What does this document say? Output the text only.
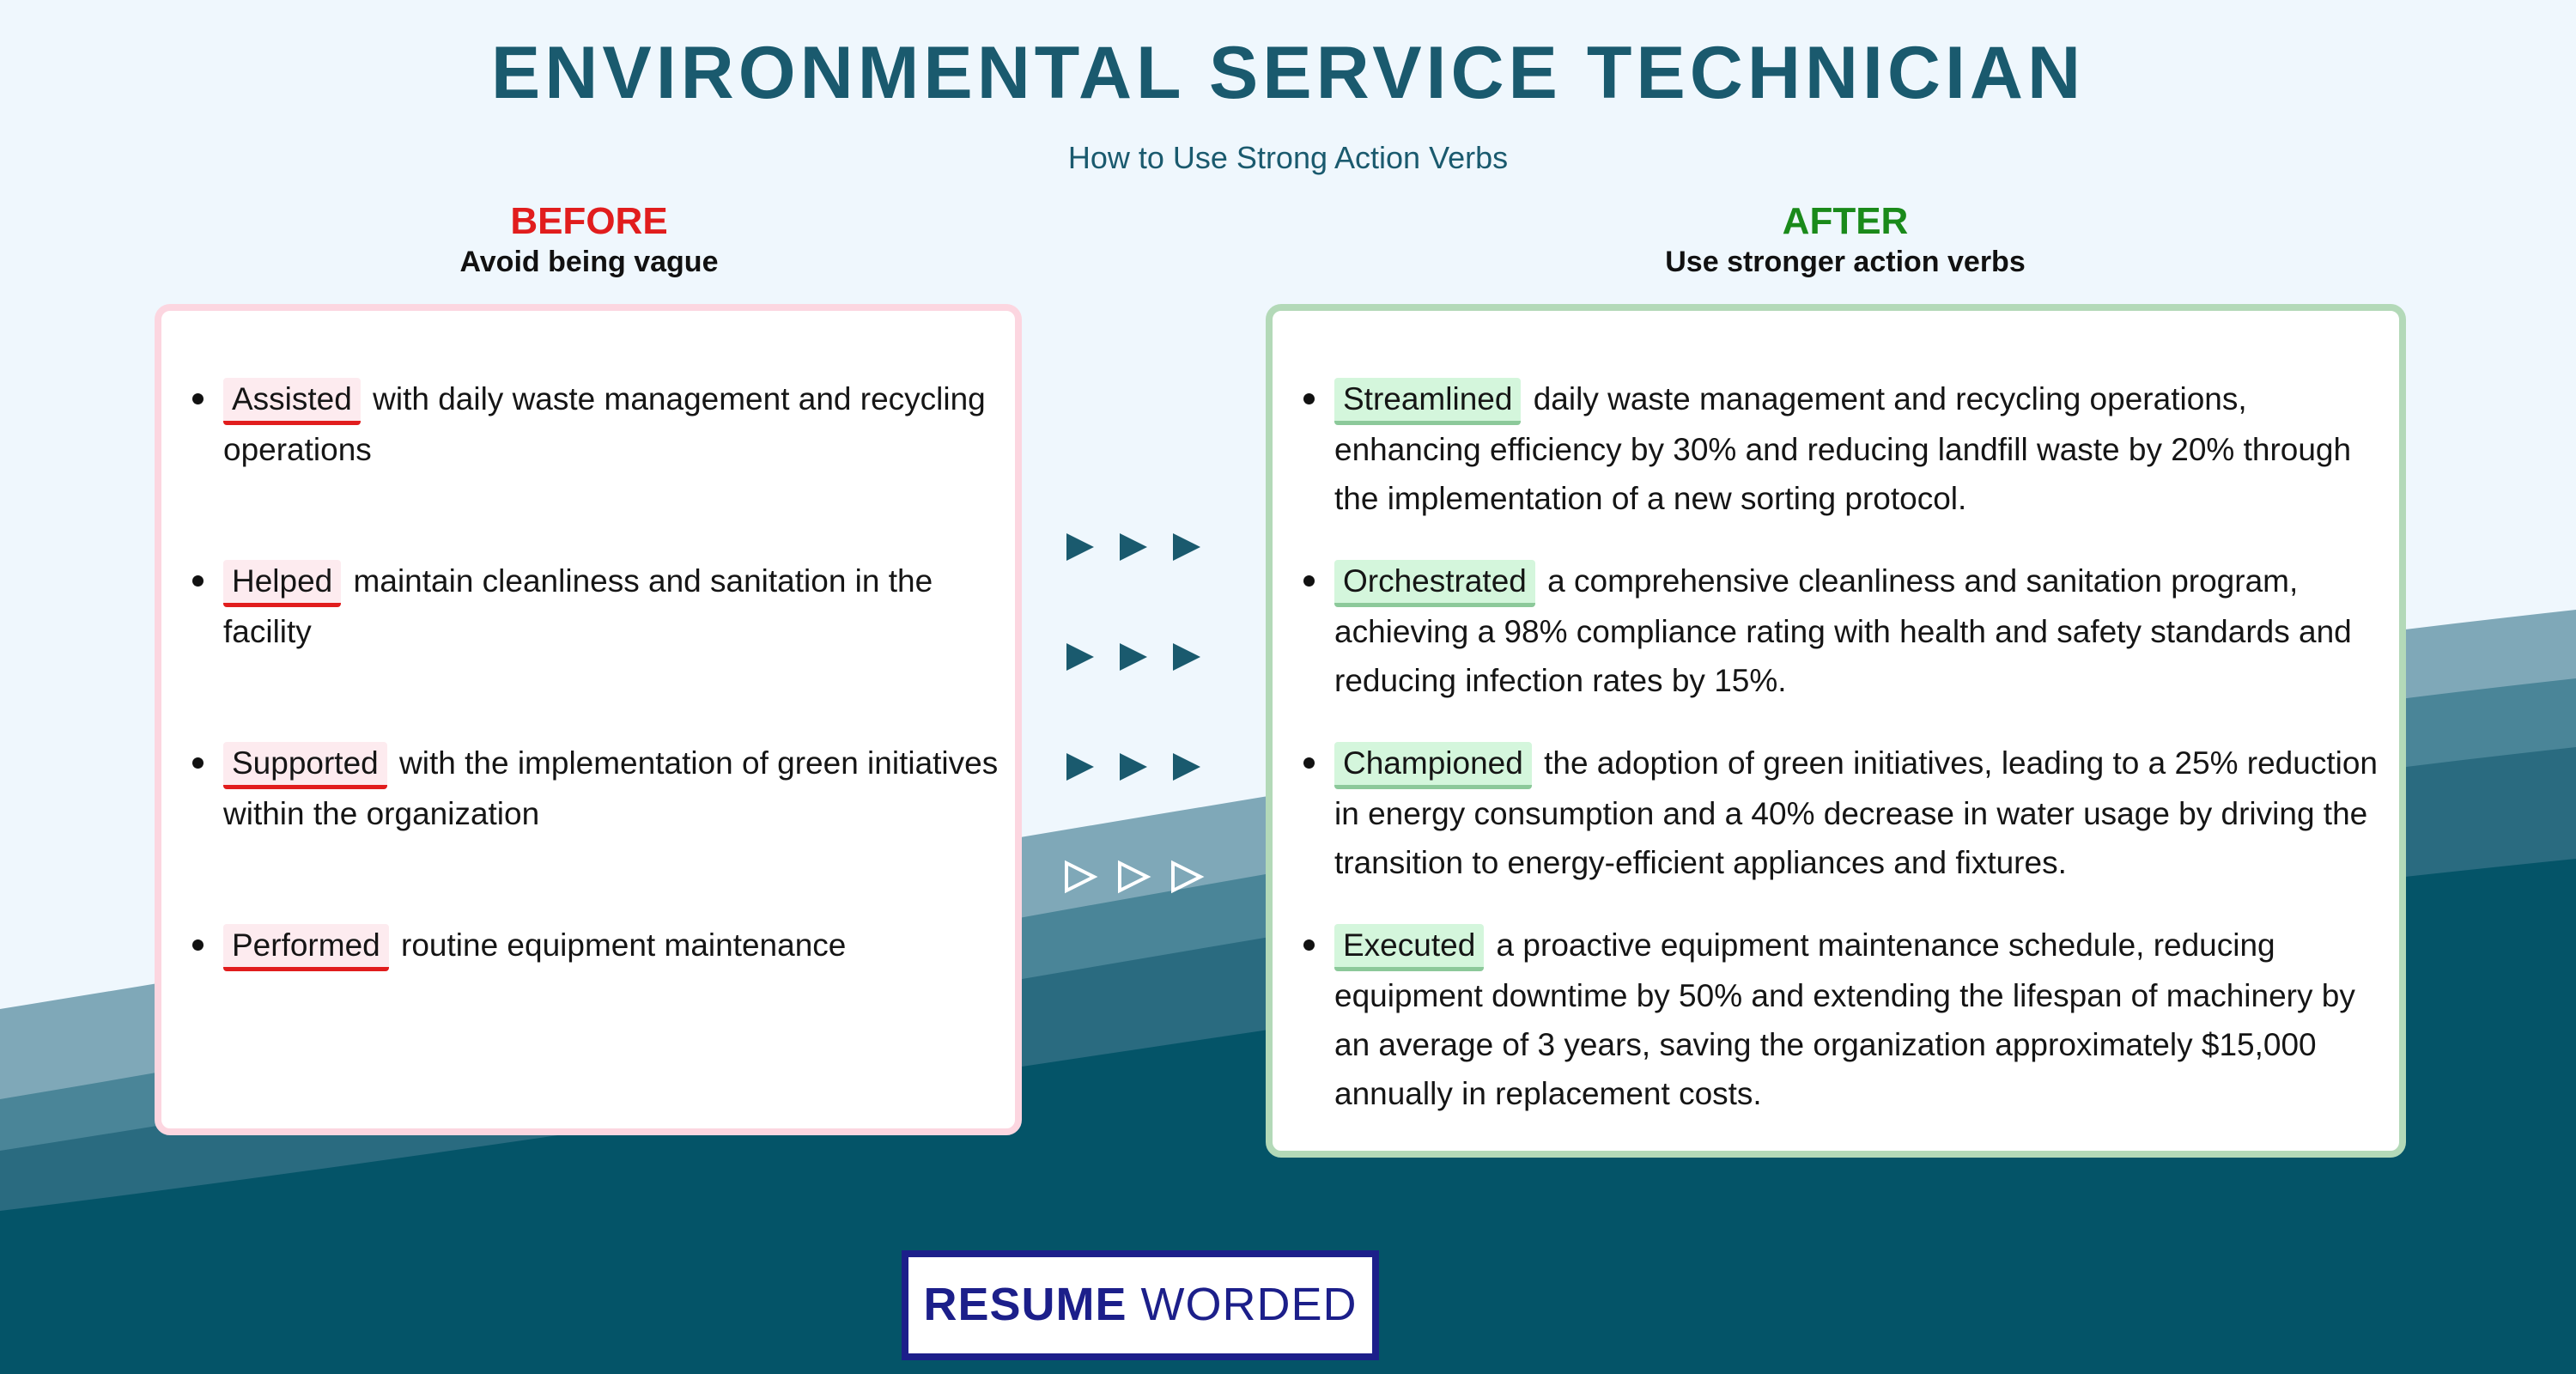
ENVIRONMENTAL SERVICE TECHNICIAN
How to Use Strong Action Verbs
BEFORE
Avoid being vague
AFTER
Use stronger action verbs
Assisted with daily waste management and recycling operations
Helped maintain cleanliness and sanitation in the facility
Supported with the implementation of green initiatives within the organization
Performed routine equipment maintenance
Streamlined daily waste management and recycling operations, enhancing efficiency by 30% and reducing landfill waste by 20% through the implementation of a new sorting protocol.
Orchestrated a comprehensive cleanliness and sanitation program, achieving a 98% compliance rating with health and safety standards and reducing infection rates by 15%.
Championed the adoption of green initiatives, leading to a 25% reduction in energy consumption and a 40% decrease in water usage by driving the transition to energy-efficient appliances and fixtures.
Executed a proactive equipment maintenance schedule, reducing equipment downtime by 50% and extending the lifespan of machinery by an average of 3 years, saving the organization approximately $15,000 annually in replacement costs.
RESUME WORDED
